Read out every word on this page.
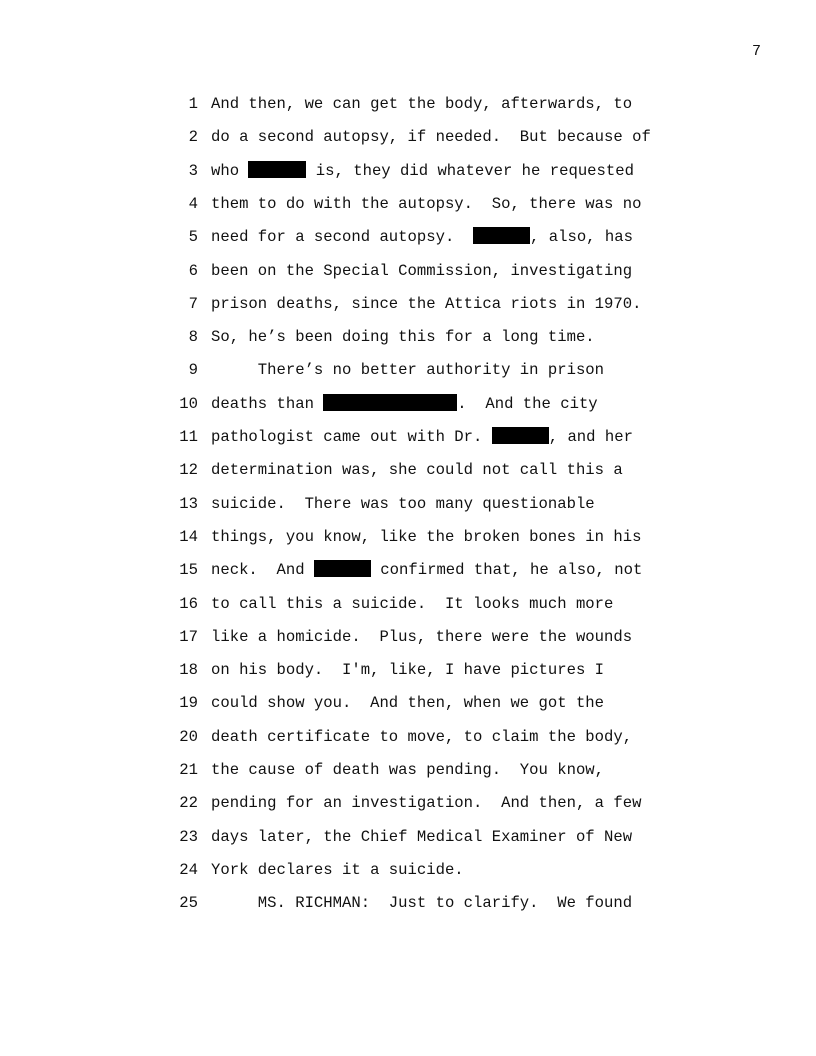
7
1 And then, we can get the body, afterwards, to
2 do a second autopsy, if needed.  But because of
3 who	is, they did whatever he requested
4 them to do with the autopsy.  So, there was no
5 need for a second autopsy.	, also, has
6 been on the Special Commission, investigating
7 prison deaths, since the Attica riots in 1970.
8 So, he’s been doing this for a long time.
9 There’s no better authority in prison
10 deaths than	.  And the city
11 pathologist came out with Dr.	, and her
12 determination was, she could not call this a
13 suicide.  There was too many questionable
14 things, you know, like the broken bones in his
15 neck.  And	confirmed that, he also, not
16 to call this a suicide.  It looks much more
17 like a homicide.  Plus, there were the wounds
18 on his body.  I'm, like, I have pictures I
19 could show you.  And then, when we got the
20 death certificate to move, to claim the body,
21 the cause of death was pending.  You know,
22 pending for an investigation.  And then, a few
23 days later, the Chief Medical Examiner of New
24 York declares it a suicide.
25 MS. RICHMAN:  Just to clarify.  We found
